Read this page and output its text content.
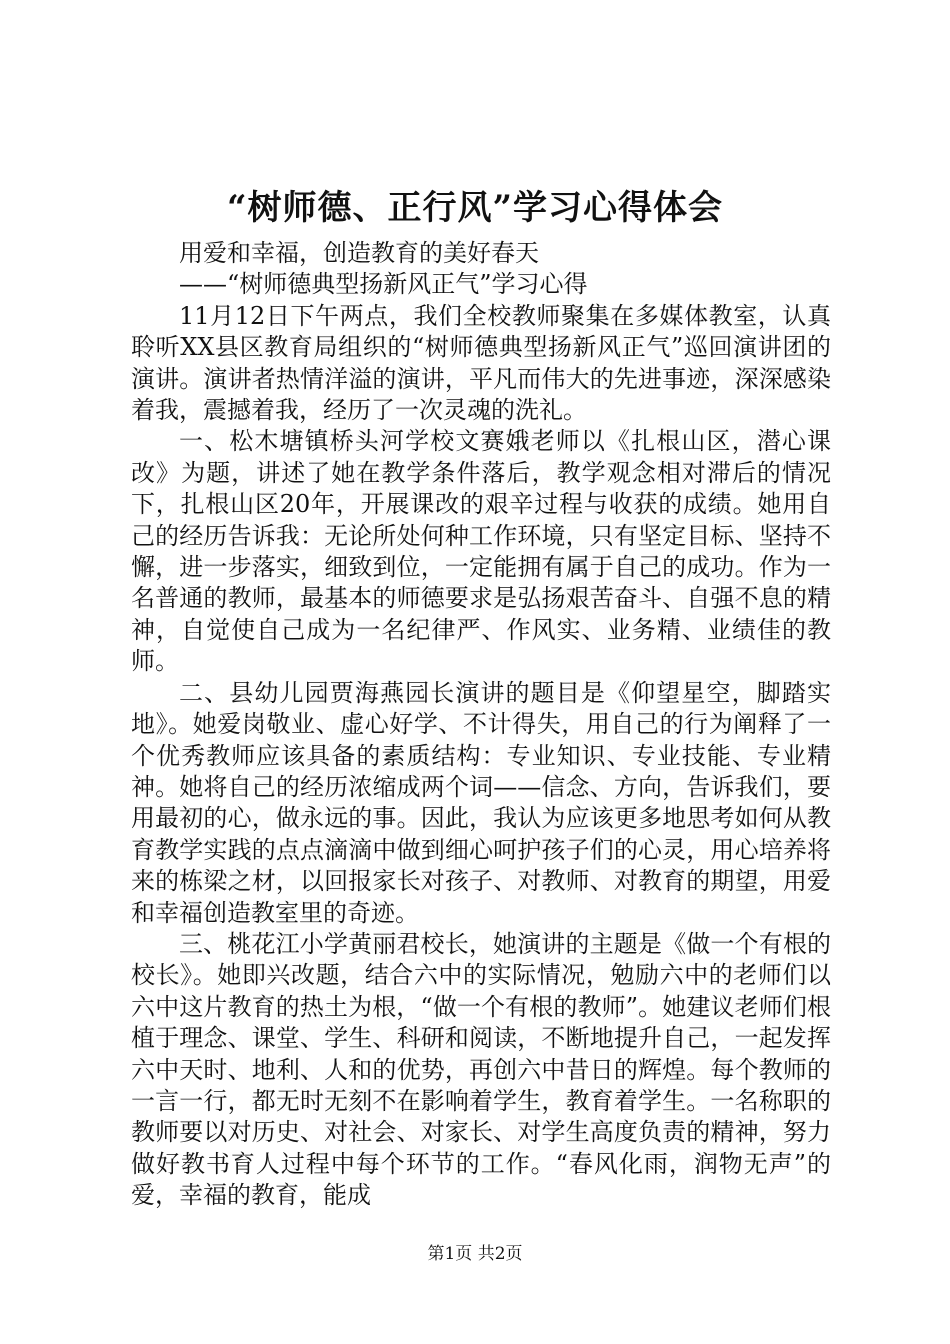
“树师德、正行风”学习心得体会

用爱和幸福，创造教育的美好春天

——“树师德典型扬新风正气”学习心得

11月12日下午两点，我们全校教师聚集在多媒体教室，认真聆听XX县区教育局组织的“树师德典型扬新风正气”巡回演讲团的演讲。演讲者热情洋溢的演讲，平凡而伟大的先进事迹，深深感染着我，震撼着我，经历了一次灵魂的洗礼。

一、松木塘镇桥头河学校文赛娥老师以《扎根山区，潜心课改》为题，讲述了她在教学条件落后，教学观念相对滞后的情况下，扎根山区20年，开展课改的艰辛过程与收获的成绩。她用自己的经历告诉我：无论所处何种工作环境，只有坚定目标、坚持不懈，进一步落实，细致到位，一定能拥有属于自己的成功。作为一名普通的教师，最基本的师德要求是弘扬艰苦奋斗、自强不息的精神，自觉使自己成为一名纪律严、作风实、业务精、业绩佳的教师。

二、县幼儿园贾海燕园长演讲的题目是《仰望星空，脚踏实地》。她爱岗敬业、虚心好学、不计得失，用自己的行为阐释了一个优秀教师应该具备的素质结构：专业知识、专业技能、专业精神。她将自己的经历浓缩成两个词——信念、方向，告诉我们，要用最初的心，做永远的事。因此，我认为应该更多地思考如何从教育教学实践的点点滴滴中做到细心呵护孩子们的心灵，用心培养将来的栋梁之材，以回报家长对孩子、对教师、对教育的期望，用爱和幸福创造教室里的奇迹。

三、桃花江小学黄丽君校长，她演讲的主题是《做一个有根的校长》。她即兴改题，结合六中的实际情况，勉励六中的老师们以六中这片教育的热土为根，“做一个有根的教师”。她建议老师们根植于理念、课堂、学生、科研和阅读，不断地提升自己，一起发挥六中天时、地利、人和的优势，再创六中昔日的辉煌。每个教师的一言一行，都无时无刻不在影响着学生，教育着学生。一名称职的教师要以对历史、对社会、对家长、对学生高度负责的精神，努力做好教书育人过程中每个环节的工作。“春风化雨，润物无声”的爱，幸福的教育，能成

第1页 共2页
